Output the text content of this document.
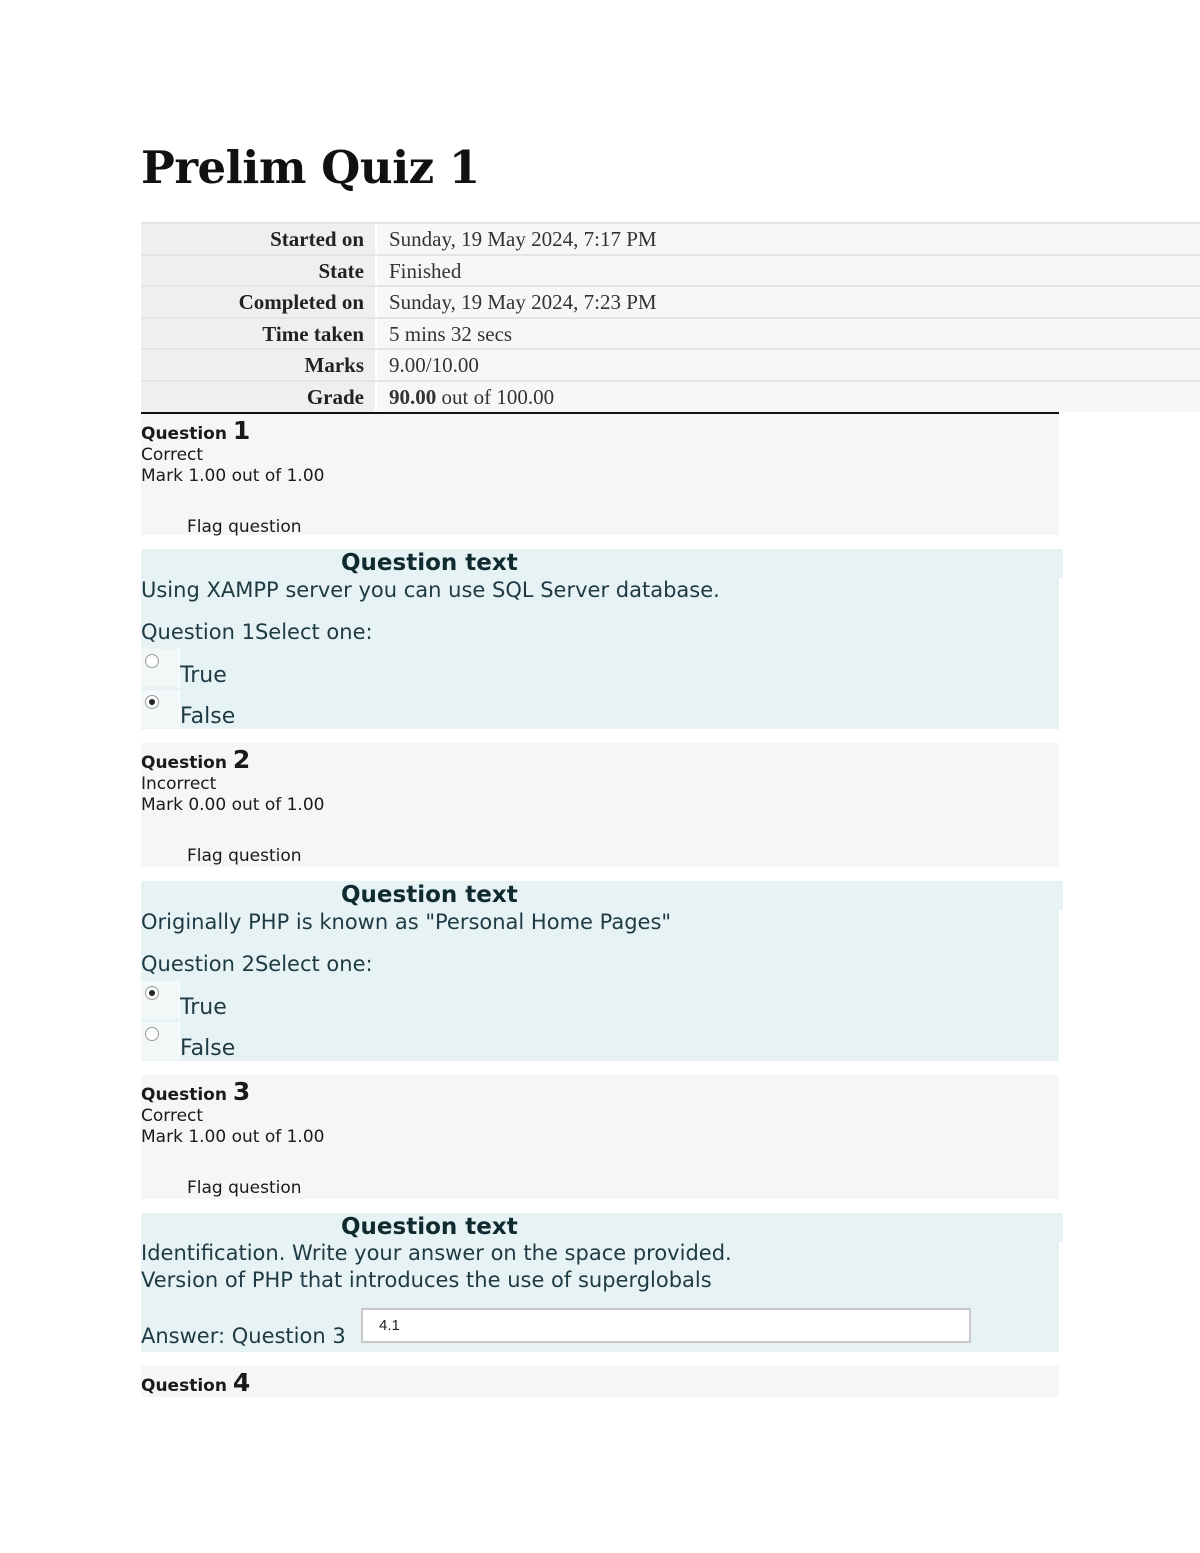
Prelim Quiz 1
Started on	Sunday, 19 May 2024, 7:17 PM
State	Finished
Completed on	Sunday, 19 May 2024, 7:23 PM
Time taken	5 mins 32 secs
Marks	9.00/10.00
Grade	90.00 out of 100.00
Question 1
Correct
Mark 1.00 out of 1.00
Flag question
Question text
Using XAMPP server you can use SQL Server database.
Question 1Select one:
True
False
Question 2
Incorrect
Mark 0.00 out of 1.00
Flag question
Question text
Originally PHP is known as "Personal Home Pages"
Question 2Select one:
True
False
Question 3
Correct
Mark 1.00 out of 1.00
Flag question
Question text
Identification. Write your answer on the space provided.
Version of PHP that introduces the use of superglobals
Answer: Question 3	4.1
Question 4
